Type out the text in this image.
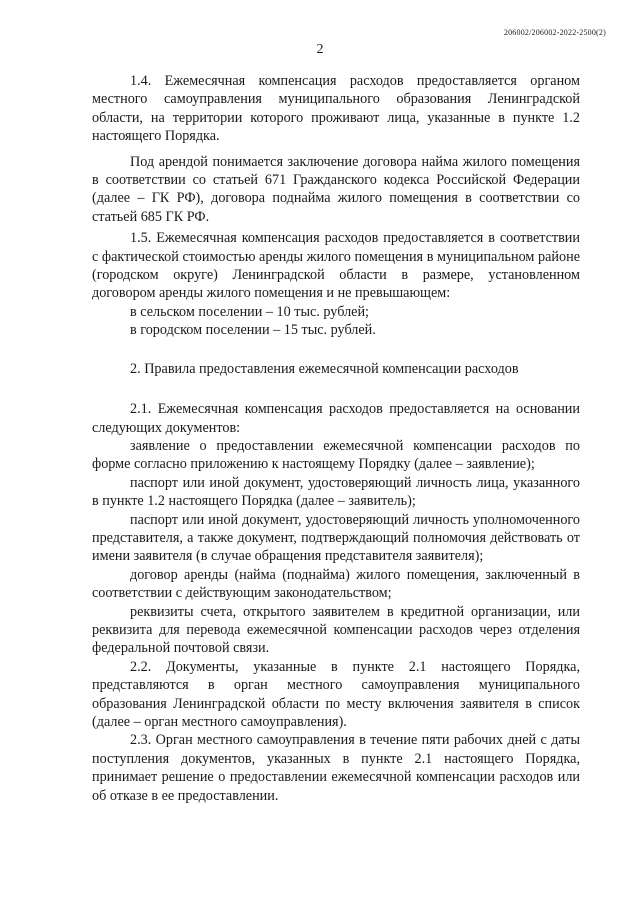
206002/206002-2022-2500(2)
2

1.4. Ежемесячная компенсация расходов предоставляется органом местного самоуправления муниципального образования Ленинградской области, на территории которого проживают лица, указанные в пункте 1.2 настоящего Порядка.

Под арендой понимается заключение договора найма жилого помещения в соответствии со статьей 671 Гражданского кодекса Российской Федерации (далее – ГК РФ), договора поднайма жилого помещения в соответствии со статьей 685 ГК РФ.

1.5. Ежемесячная компенсация расходов предоставляется в соответствии с фактической стоимостью аренды жилого помещения в муниципальном районе (городском округе) Ленинградской области в размере, установленном договором аренды жилого помещения и не превышающем:

в сельском поселении – 10 тыс. рублей;

в городском поселении – 15 тыс. рублей.

2. Правила предоставления ежемесячной компенсации расходов

2.1. Ежемесячная компенсация расходов предоставляется на основании следующих документов:

заявление о предоставлении ежемесячной компенсации расходов по форме согласно приложению к настоящему Порядку (далее – заявление);

паспорт или иной документ, удостоверяющий личность лица, указанного в пункте 1.2 настоящего Порядка (далее – заявитель);

паспорт или иной документ, удостоверяющий личность уполномоченного представителя, а также документ, подтверждающий полномочия действовать от имени заявителя (в случае обращения представителя заявителя);

договор аренды (найма (поднайма) жилого помещения, заключенный в соответствии с действующим законодательством;

реквизиты счета, открытого заявителем в кредитной организации, или реквизита для перевода ежемесячной компенсации расходов через отделения федеральной почтовой связи.

2.2. Документы, указанные в пункте 2.1 настоящего Порядка, представляются в орган местного самоуправления муниципального образования Ленинградской области по месту включения заявителя в список (далее – орган местного самоуправления).

2.3. Орган местного самоуправления в течение пяти рабочих дней с даты поступления документов, указанных в пункте 2.1 настоящего Порядка, принимает решение о предоставлении ежемесячной компенсации расходов или об отказе в ее предоставлении.
